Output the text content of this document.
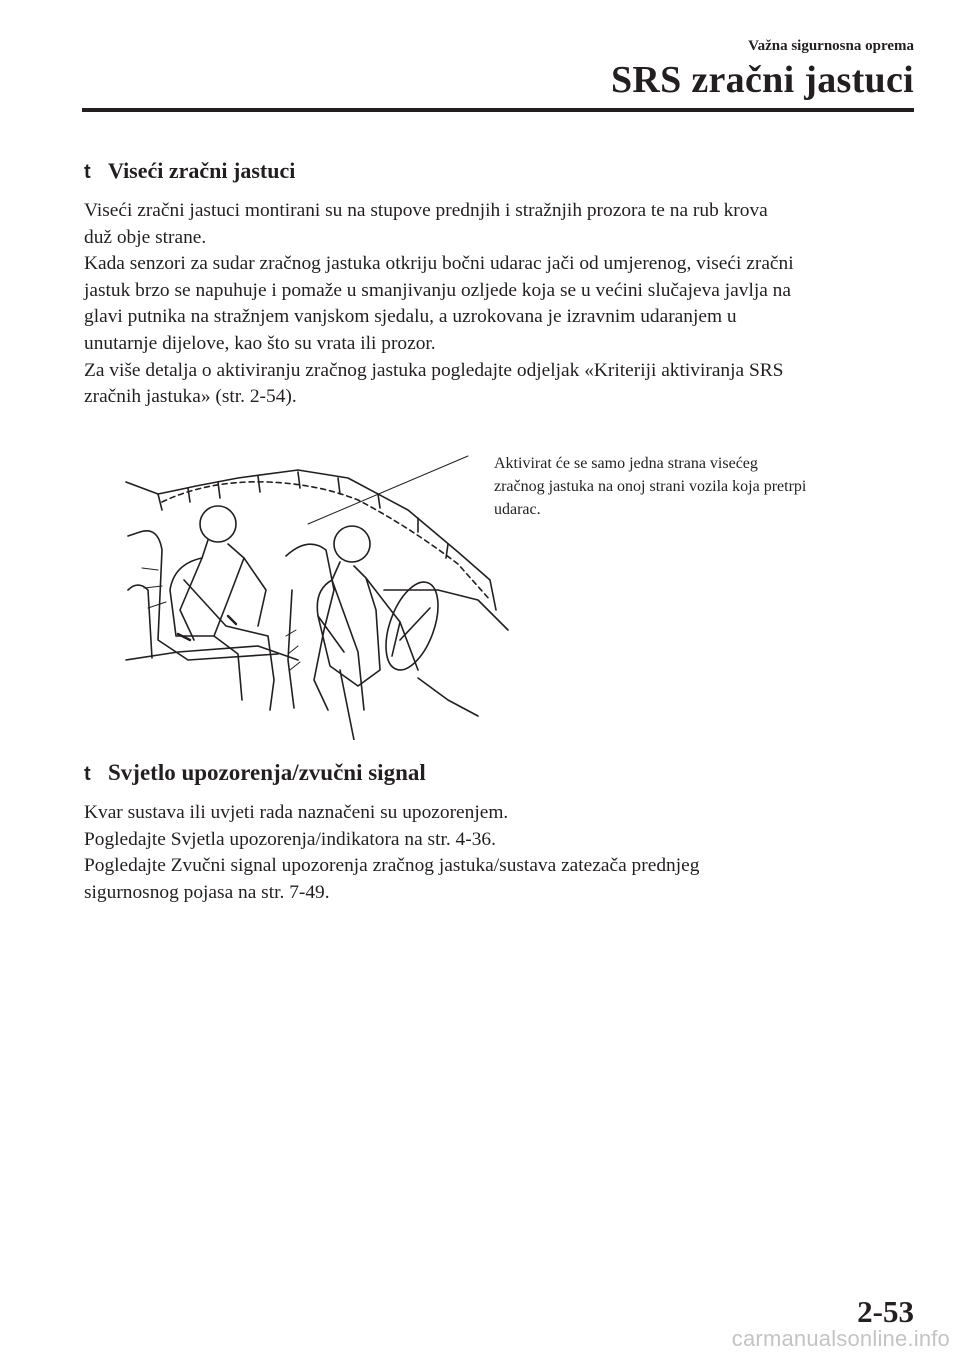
Važna sigurnosna oprema
SRS zračni jastuci
t Viseći zračni jastuci

Viseći zračni jastuci montirani su na stupove prednjih i stražnjih prozora te na rub krova

duž obje strane.

Kada senzori za sudar zračnog jastuka otkriju bočni udarac jači od umjerenog, viseći zračni

jastuk brzo se napuhuje i pomaže u smanjivanju ozljede koja se u većini slučajeva javlja na

glavi putnika na stražnjem vanjskom sjedalu, a uzrokovana je izravnim udaranjem u

unutarnje dijelove, kao što su vrata ili prozor.

Za više detalja o aktiviranju zračnog jastuka pogledajte odjeljak «Kriteriji aktiviranja SRS

zračnih jastuka» (str. 2-54).

Aktivirat će se samo jedna strana visećeg

zračnog jastuka na onoj strani vozila koja pretrpi

udarac.

t Svjetlo upozorenja/zvučni signal

Kvar sustava ili uvjeti rada naznačeni su upozorenjem.

Pogledajte Svjetla upozorenja/indikatora na str. 4-36.

Pogledajte Zvučni signal upozorenja zračnog jastuka/sustava zatezača prednjeg

sigurnosnog pojasa na str. 7-49.

2-53
carmanualsonline.info
